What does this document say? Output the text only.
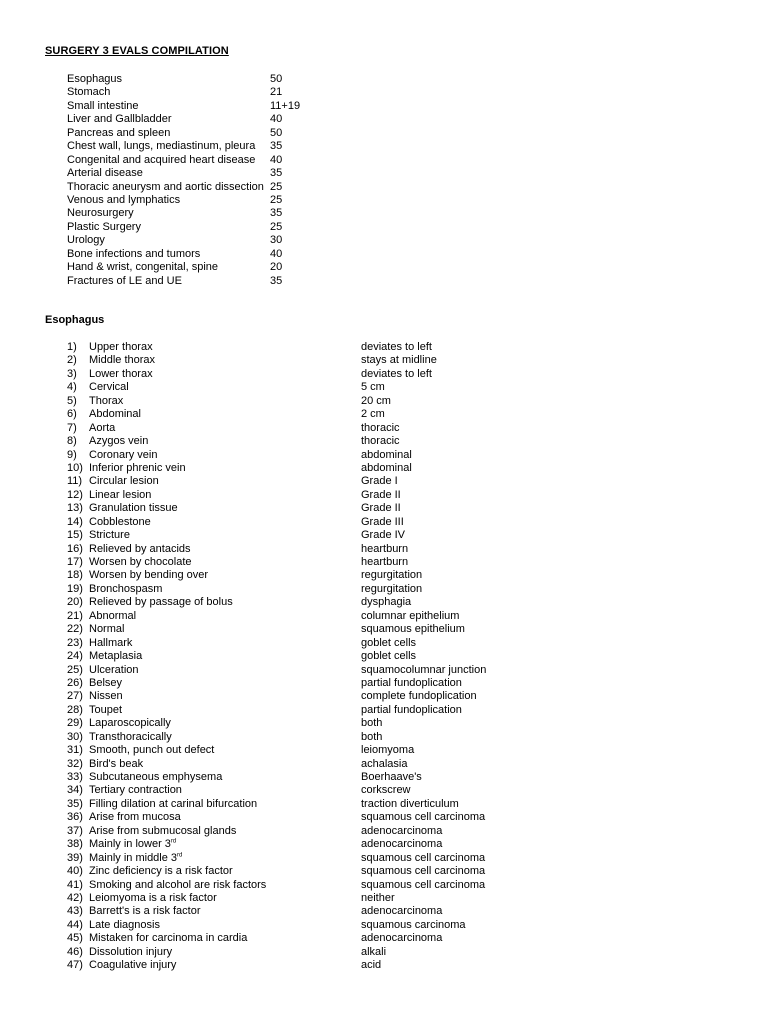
SURGERY 3 EVALS COMPILATION
Esophagus	50
Stomach	21
Small intestine	11+19
Liver and Gallbladder	40
Pancreas and spleen	50
Chest wall, lungs, mediastinum, pleura 35
Congenital and acquired heart disease 40
Arterial disease	35
Thoracic aneurysm and aortic dissection 25
Venous and lymphatics	25
Neurosurgery	35
Plastic Surgery	25
Urology	30
Bone infections and tumors	40
Hand & wrist, congenital, spine	20
Fractures of LE and UE	35
Esophagus
1)	Upper thorax	deviates to left
2)	Middle thorax	stays at midline
3)	Lower thorax	deviates to left
4)	Cervical	5 cm
5)	Thorax	20 cm
6)	Abdominal	2 cm
7)	Aorta	thoracic
8)	Azygos vein	thoracic
9)	Coronary vein	abdominal
10) Inferior phrenic vein	abdominal
11) Circular lesion	Grade I
12) Linear lesion	Grade II
13) Granulation tissue	Grade II
14) Cobblestone	Grade III
15) Stricture	Grade IV
16) Relieved by antacids	heartburn
17) Worsen by chocolate	heartburn
18) Worsen by bending over	regurgitation
19) Bronchospasm	regurgitation
20) Relieved by passage of bolus	dysphagia
21) Abnormal	columnar epithelium
22) Normal	squamous epithelium
23) Hallmark	goblet cells
24) Metaplasia	goblet cells
25) Ulceration	squamocolumnar junction
26) Belsey	partial fundoplication
27) Nissen	complete fundoplication
28) Toupet	partial fundoplication
29) Laparoscopically	both
30) Transthoracically	both
31) Smooth, punch out defect	leiomyoma
32) Bird's beak	achalasia
33) Subcutaneous emphysema	Boerhaave's
34) Tertiary contraction	corkscrew
35) Filling dilation at carinal bifurcation	traction diverticulum
36) Arise from mucosa	squamous cell carcinoma
37) Arise from submucosal glands	adenocarcinoma
38) Mainly in lower 3rd	adenocarcinoma
39) Mainly in middle 3rd	squamous cell carcinoma
40) Zinc deficiency is a risk factor	squamous cell carcinoma
41) Smoking and alcohol are risk factors	squamous cell carcinoma
42) Leiomyoma is a risk factor	neither
43) Barrett's is a risk factor	adenocarcinoma
44) Late diagnosis	squamous carcinoma
45) Mistaken for carcinoma in cardia	adenocarcinoma
46) Dissolution injury	alkali
47) Coagulative injury	acid
